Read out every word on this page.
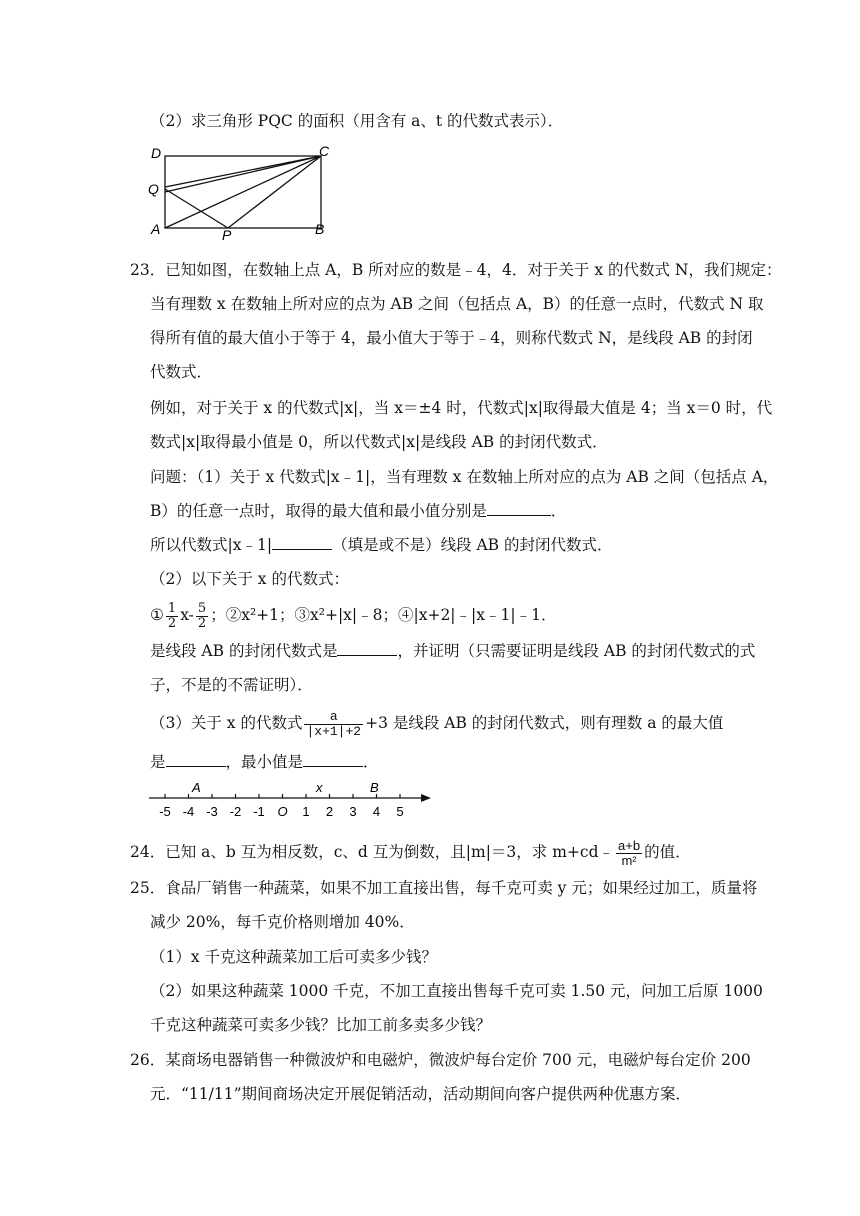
（2）求三角形 PQC 的面积（用含有 a、t 的代数式表示）．
D	C
Q
A	P	B
23．已知如图，在数轴上点 A，B 所对应的数是﹣4，4．对于关于 x 的代数式 N，我们规定：
当有理数 x 在数轴上所对应的点为 AB 之间（包括点 A，B）的任意一点时，代数式 N 取
得所有值的最大值小于等于 4，最小值大于等于﹣4，则称代数式 N，是线段 AB 的封闭
代数式．
例如，对于关于 x 的代数式|x|，当 x＝±4 时，代数式|x|取得最大值是 4；当 x＝0 时，代
数式|x|取得最小值是 0，所以代数式|x|是线段 AB 的封闭代数式．
问题：（1）关于 x 代数式|x﹣1|，当有理数 x 在数轴上所对应的点为 AB 之间（包括点 A，
B）的任意一点时，取得的最大值和最小值分别是	．
所以代数式|x﹣1|	（填是或不是）线段 AB 的封闭代数式．
（2）以下关于 x 的代数式：
① $\frac{1}{2} x- \frac{5}{2}$ ；②x²+1；③x²+|x|﹣8；④|x+2|﹣|x﹣1|﹣1．
是线段 AB 的封闭代数式是	，并证明（只需要证明是线段 AB 的封闭代数式的式
子，不是的不需证明）．
（3）关于 x 的代数式 $\frac{a}{|x+1|+2} +3$ 是线段 AB 的封闭代数式，则有理数 a 的最大值
是	，最小值是	．
-5 -4 -3 -2 -1 O 1 2 3 4 5
A	x	B
24．已知 a、b 互为相反数，c、d 互为倒数，且|m|＝3，求 m+cd﹣ $\frac{a+b}{\text{m²}}$ 的值．
25．食品厂销售一种蔬菜，如果不加工直接出售，每千克可卖 y 元；如果经过加工，质量将
减少 20%，每千克价格则增加 40%．
（1）x 千克这种蔬菜加工后可卖多少钱？
（2）如果这种蔬菜 1000 千克，不加工直接出售每千克可卖 1.50 元，问加工后原 1000
千克这种蔬菜可卖多少钱？比加工前多卖多少钱？
26．某商场电器销售一种微波炉和电磁炉，微波炉每台定价 700 元，电磁炉每台定价 200
元．“11/11”期间商场决定开展促销活动，活动期间向客户提供两种优惠方案．
